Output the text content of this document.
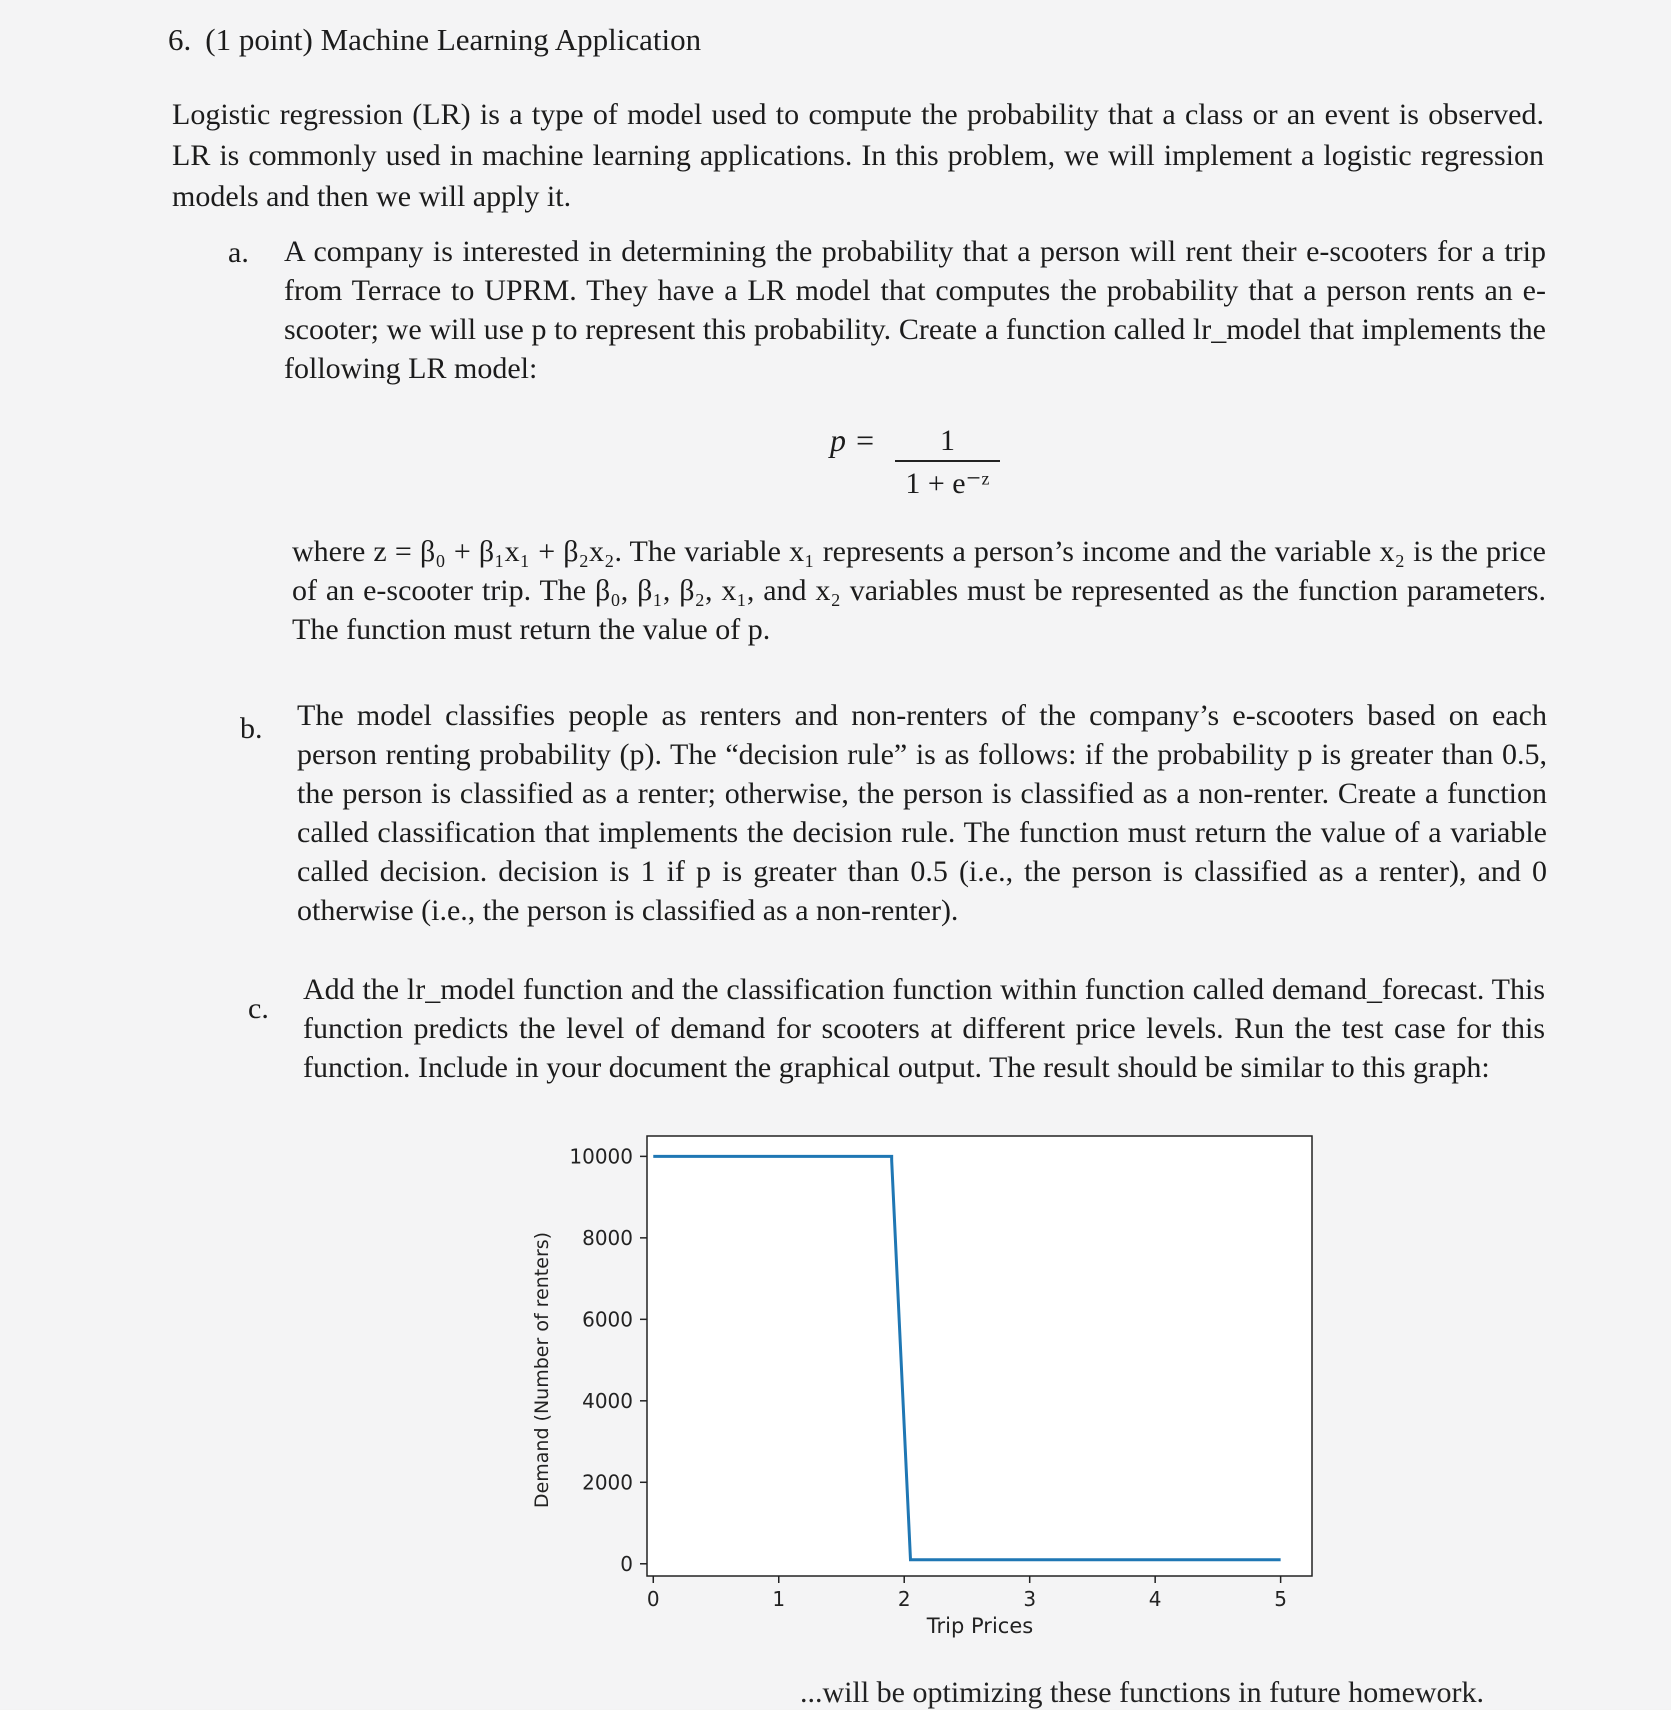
6. (1 point) Machine Learning Application
Logistic regression (LR) is a type of model used to compute the probability that a class or an event is observed. LR is commonly used in machine learning applications. In this problem, we will implement a logistic regression models and then we will apply it.
a. A company is interested in determining the probability that a person will rent their e-scooters for a trip from Terrace to UPRM. They have a LR model that computes the probability that a person rents an e-scooter; we will use p to represent this probability. Create a function called lr_model that implements the following LR model:
$p = \frac{1}{\text{1 + e⁻ᶻ}}$
where z = β₀ + β₁x₁ + β₂x₂. The variable x₁ represents a person’s income and the variable x₂ is the price of an e-scooter trip. The β₀, β₁, β₂, x₁, and x₂ variables must be represented as the function parameters. The function must return the value of p.
b. The model classifies people as renters and non-renters of the company’s e-scooters based on each person renting probability (p). The “decision rule” is as follows: if the probability p is greater than 0.5, the person is classified as a renter; otherwise, the person is classified as a non-renter. Create a function called classification that implements the decision rule. The function must return the value of a variable called decision. decision is 1 if p is greater than 0.5 (i.e., the person is classified as a renter), and 0 otherwise (i.e., the person is classified as a non-renter).
c.
Add the lr_model function and the classification function within function called demand_forecast. This function predicts the level of demand for scooters at different price levels. Run the test case for this function. Include in your document the graphical output. The result should be similar to this graph:
0
2000
4000
6000
8000
10000
0	1	2	3	4	5
Trip Prices
Demand (Number of renters)
...will be optimizing these functions in future homework.
